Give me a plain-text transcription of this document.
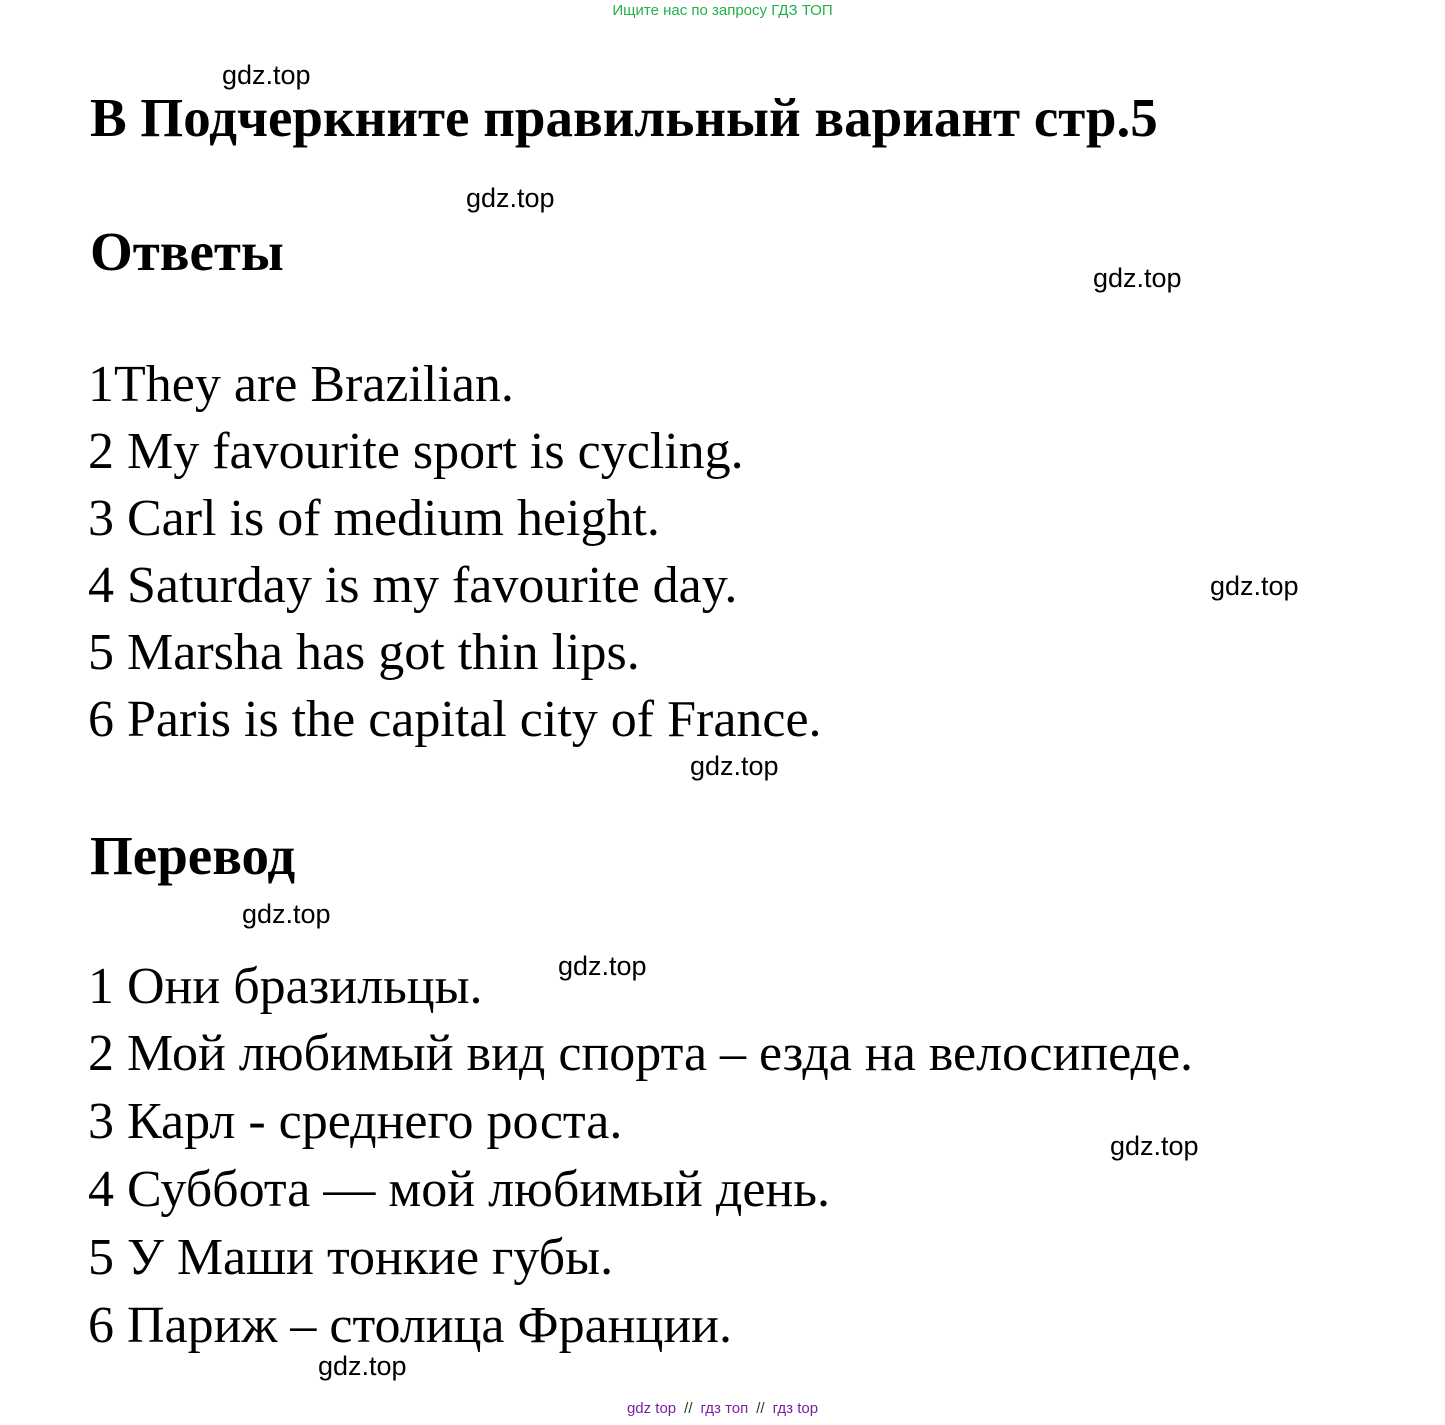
Ищите нас по запросу ГДЗ ТОП
В Подчеркните правильный вариант стр.5
Ответы

1They are Brazilian.

2 My favourite sport is cycling.

3 Carl is of medium height.

4 Saturday is my favourite day.

5 Marsha has got thin lips.

6 Paris is the capital city of France.

Перевод

1 Они бразильцы.

2 Мой любимый вид спорта – езда на велосипеде.

3 Карл - среднего роста.

4 Суббота — мой любимый день.

5 У Маши тонкие губы.

6 Париж – столица Франции.

gdz.top
gdz.top
gdz.top
gdz.top
gdz.top
gdz.top
gdz.top
gdz.top
gdz.top
gdz top // гдз топ // гдз top
